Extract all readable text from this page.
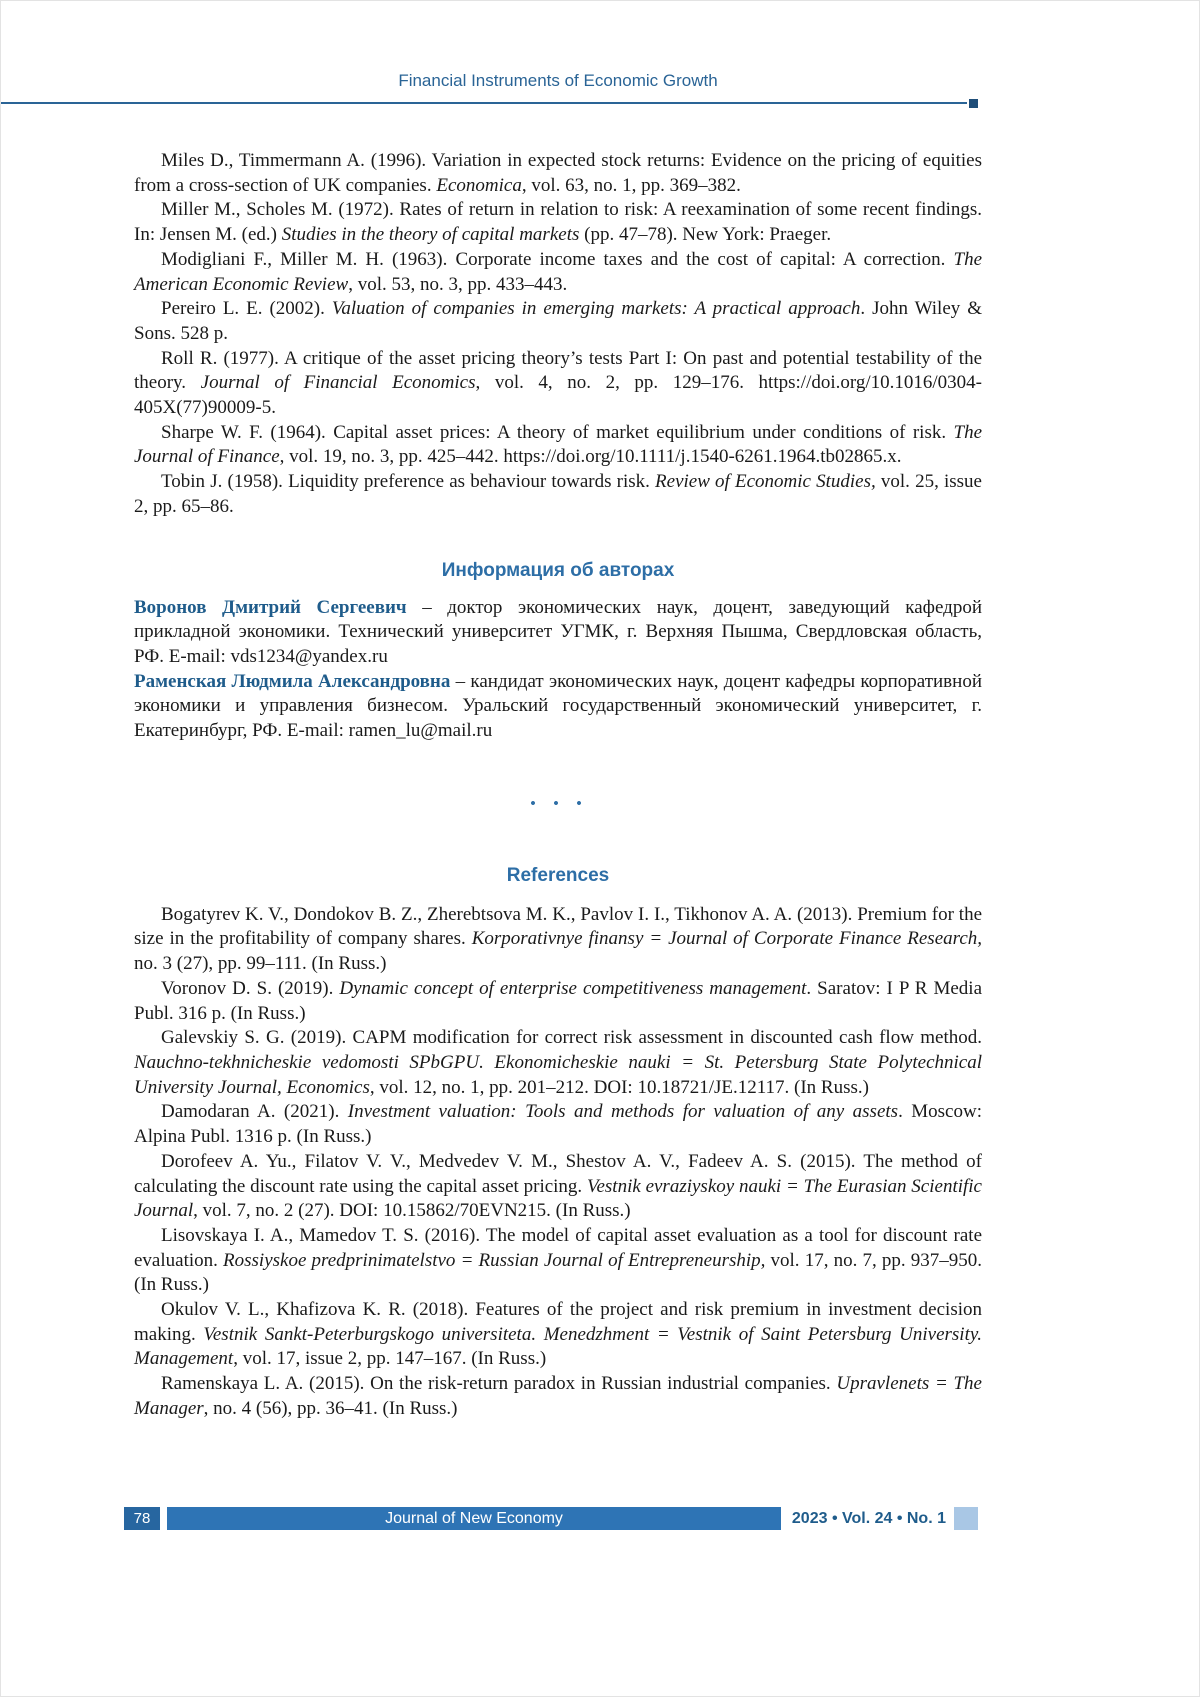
Financial Instruments of Economic Growth

Miles D., Timmermann A. (1996). Variation in expected stock returns: Evidence on the pricing of equities from a cross-section of UK companies. Economica, vol. 63, no. 1, pp. 369–382.

Miller M., Scholes M. (1972). Rates of return in relation to risk: A reexamination of some recent findings. In: Jensen M. (ed.) Studies in the theory of capital markets (pp. 47–78). New York: Praeger.

Modigliani F., Miller M. H. (1963). Corporate income taxes and the cost of capital: A correction. The American Economic Review, vol. 53, no. 3, pp. 433–443.

Pereiro L. E. (2002). Valuation of companies in emerging markets: A practical approach. John Wiley & Sons. 528 p.

Roll R. (1977). A critique of the asset pricing theory’s tests Part I: On past and potential testability of the theory. Journal of Financial Economics, vol. 4, no. 2, pp. 129–176. https://doi.org/10.1016/0304-405X(77)90009-5.

Sharpe W. F. (1964). Capital asset prices: A theory of market equilibrium under conditions of risk. The Journal of Finance, vol. 19, no. 3, pp. 425–442. https://doi.org/10.1111/j.1540-6261.1964.tb02865.x.

Tobin J. (1958). Liquidity preference as behaviour towards risk. Review of Economic Studies, vol. 25, issue 2, pp. 65–86.

Информация об авторах

Воронов Дмитрий Сергеевич – доктор экономических наук, доцент, заведующий кафедрой прикладной экономики. Технический университет УГМК, г. Верхняя Пышма, Свердловская область, РФ. E-mail: vds1234@yandex.ru

Раменская Людмила Александровна – кандидат экономических наук, доцент кафедры корпоративной экономики и управления бизнесом. Уральский государственный экономический университет, г. Екатеринбург, РФ. E-mail: ramen_lu@mail.ru

• • •
References

Bogatyrev K. V., Dondokov B. Z., Zherebtsova M. K., Pavlov I. I., Tikhonov A. A. (2013). Premium for the size in the profitability of company shares. Korporativnye finansy = Journal of Corporate Finance Research, no. 3 (27), pp. 99–111. (In Russ.)

Voronov D. S. (2019). Dynamic concept of enterprise competitiveness management. Saratov: I P R Media Publ. 316 p. (In Russ.)

Galevskiy S. G. (2019). CAPM modification for correct risk assessment in discounted cash flow method. Nauchno-tekhnicheskie vedomosti SPbGPU. Ekonomicheskie nauki = St. Petersburg State Polytechnical University Journal, Economics, vol. 12, no. 1, pp. 201–212. DOI: 10.18721/JE.12117. (In Russ.)

Damodaran A. (2021). Investment valuation: Tools and methods for valuation of any assets. Moscow: Alpina Publ. 1316 p. (In Russ.)

Dorofeev A. Yu., Filatov V. V., Medvedev V. M., Shestov A. V., Fadeev A. S. (2015). The method of calculating the discount rate using the capital asset pricing. Vestnik evraziyskoy nauki = The Eurasian Scientific Journal, vol. 7, no. 2 (27). DOI: 10.15862/70EVN215. (In Russ.)

Lisovskaya I. A., Mamedov T. S. (2016). The model of capital asset evaluation as a tool for discount rate evaluation. Rossiyskoe predprinimatelstvo = Russian Journal of Entrepreneurship, vol. 17, no. 7, pp. 937–950. (In Russ.)

Okulov V. L., Khafizova K. R. (2018). Features of the project and risk premium in investment decision making. Vestnik Sankt-Peterburgskogo universiteta. Menedzhment = Vestnik of Saint Petersburg University. Management, vol. 17, issue 2, pp. 147–167. (In Russ.)

Ramenskaya L. A. (2015). On the risk-return paradox in Russian industrial companies. Upravlenets = The Manager, no. 4 (56), pp. 36–41. (In Russ.)

78	Journal of New Economy	2023 • Vol. 24 • No. 1
